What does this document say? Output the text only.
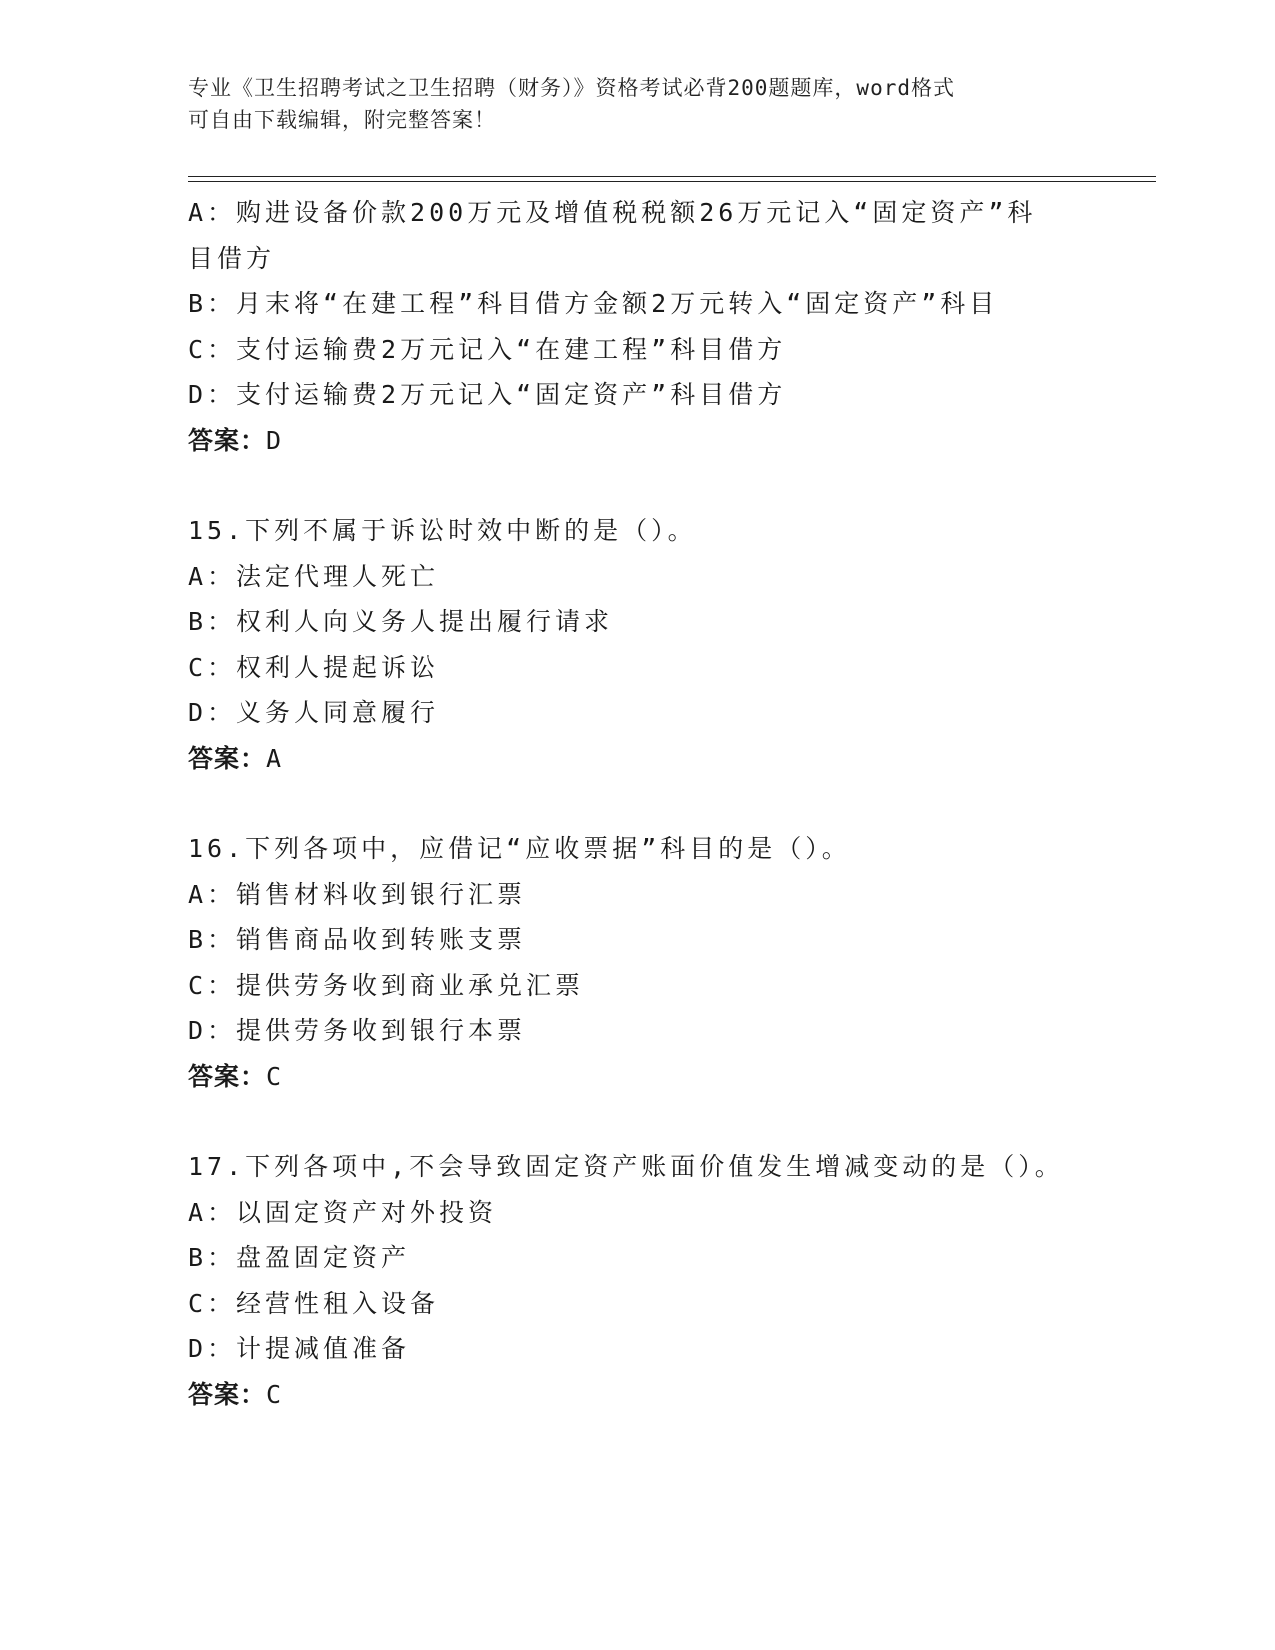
专业《卫生招聘考试之卫生招聘（财务）》资格考试必背200题题库，word格式
可自由下载编辑，附完整答案！
A：购进设备价款200万元及增值税税额26万元记入“固定资产”科
目借方
B：月末将“在建工程”科目借方金额2万元转入“固定资产”科目
C：支付运输费2万元记入“在建工程”科目借方
D：支付运输费2万元记入“固定资产”科目借方
答案：D
15.下列不属于诉讼时效中断的是（）。
A：法定代理人死亡
B：权利人向义务人提出履行请求
C：权利人提起诉讼
D：义务人同意履行
答案：A
16.下列各项中，应借记“应收票据”科目的是（）。
A：销售材料收到银行汇票
B：销售商品收到转账支票
C：提供劳务收到商业承兑汇票
D：提供劳务收到银行本票
答案：C
17.下列各项中,不会导致固定资产账面价值发生增减变动的是（）。
A：以固定资产对外投资
B：盘盈固定资产
C：经营性租入设备
D：计提减值准备
答案：C
